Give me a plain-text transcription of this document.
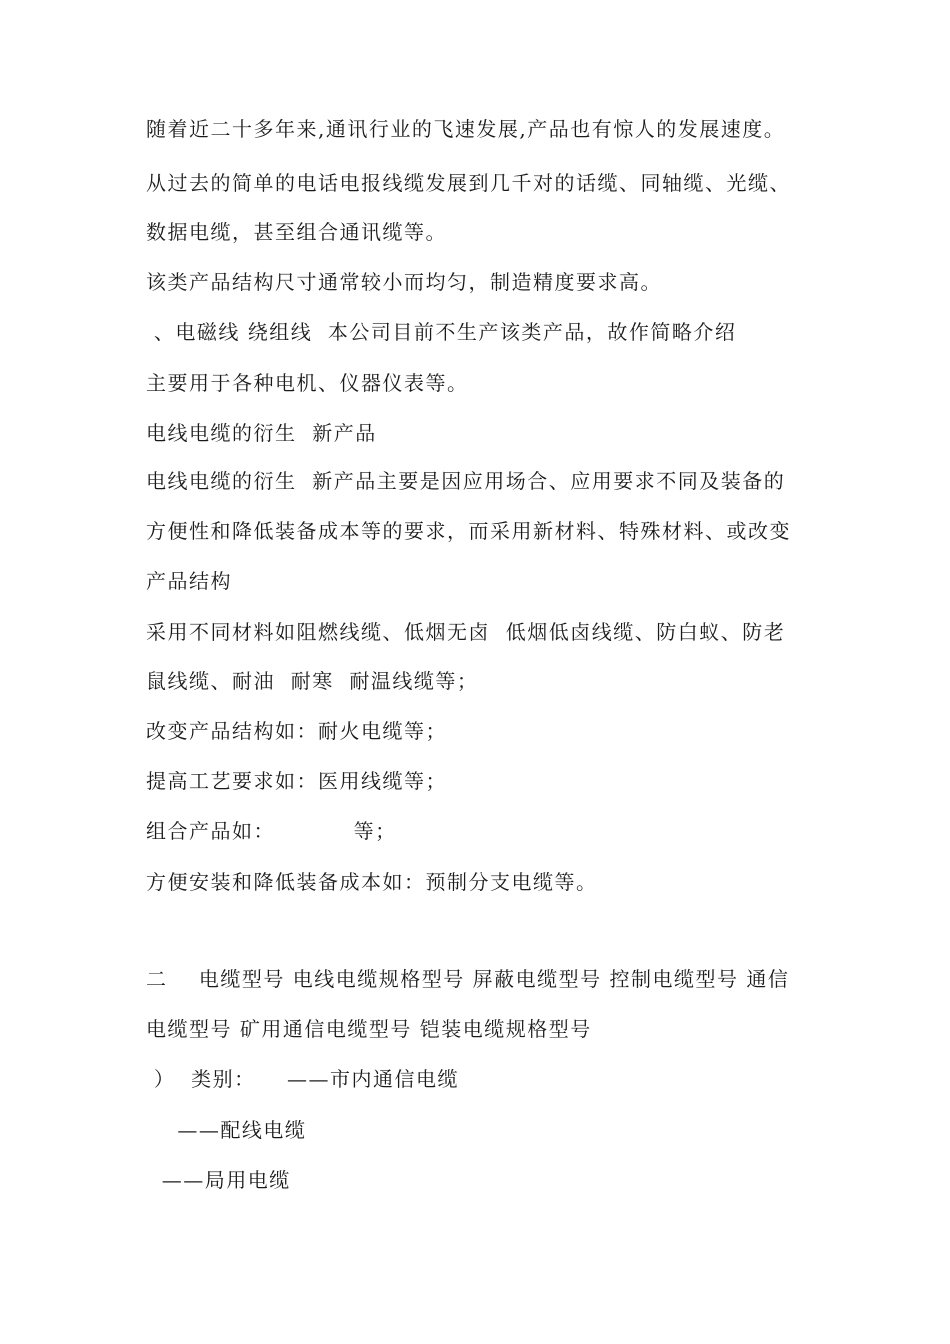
随着近二十多年来,通讯行业的飞速发展,产品也有惊人的发展速度。
从过去的简单的电话电报线缆发展到几千对的话缆、同轴缆、光缆、
数据电缆，甚至组合通讯缆等。
该类产品结构尺寸通常较小而均匀，制造精度要求高。
、电磁线 绕组线  本公司目前不生产该类产品，故作简略介绍
主要用于各种电机、仪器仪表等。
电线电缆的衍生  新产品
电线电缆的衍生  新产品主要是因应用场合、应用要求不同及装备的
方便性和降低装备成本等的要求，而采用新材料、特殊材料、或改变
产品结构
采用不同材料如阻燃线缆、低烟无卤  低烟低卤线缆、防白蚁、防老
鼠线缆、耐油  耐寒  耐温线缆等；
改变产品结构如：耐火电缆等；
提高工艺要求如：医用线缆等；
组合产品如：          等；
方便安装和降低装备成本如：预制分支电缆等。
二    电缆型号 电线电缆规格型号 屏蔽电缆型号 控制电缆型号 通信
电缆型号 矿用通信电缆型号 铠装电缆规格型号
）  类别：    ——市内通信电缆
——配线电缆
——局用电缆
